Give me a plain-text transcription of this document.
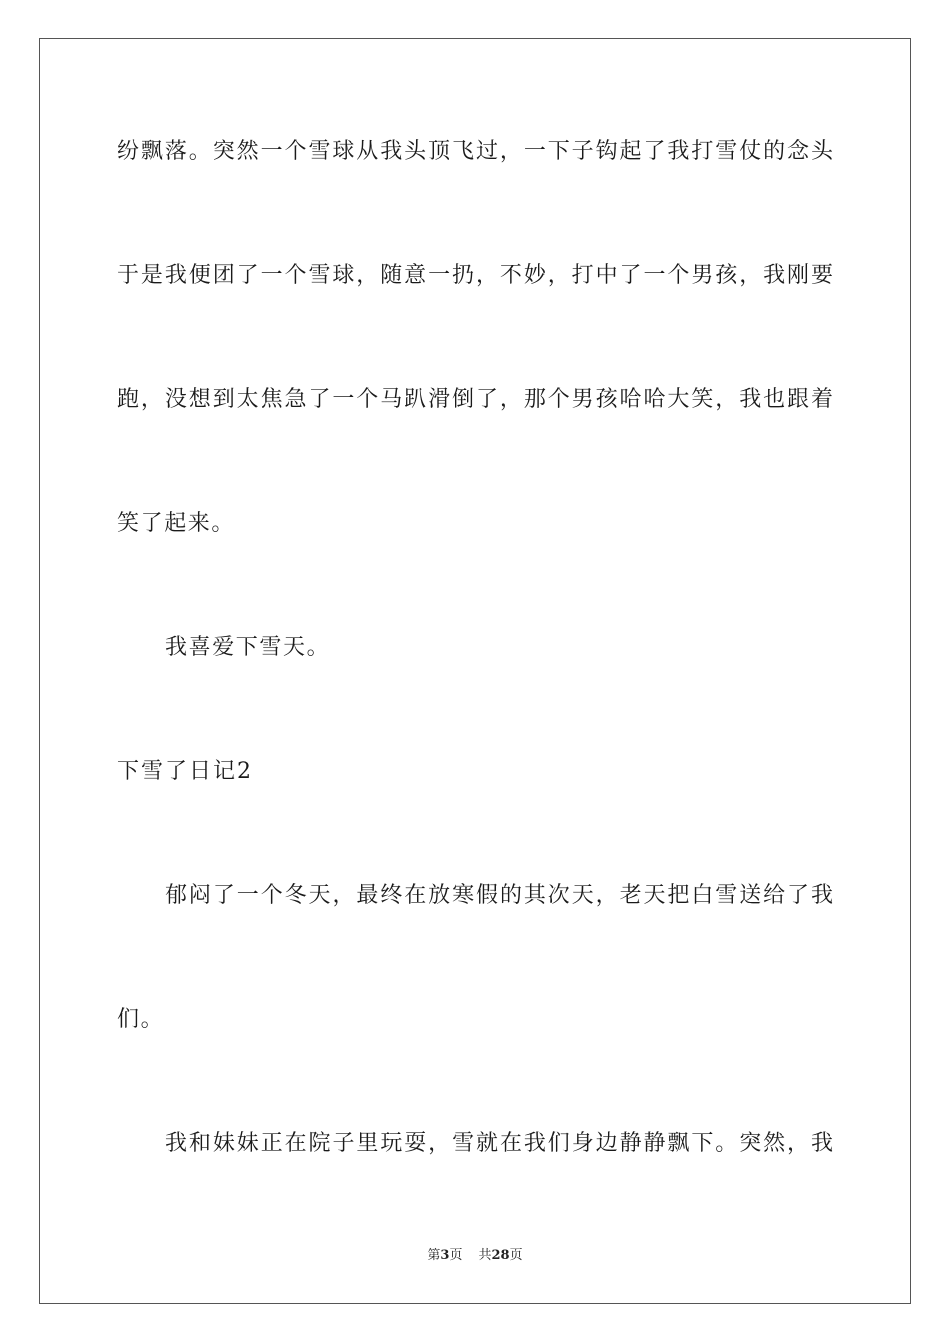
纷飘落。突然一个雪球从我头顶飞过，一下子钩起了我打雪仗的念头
于是我便团了一个雪球，随意一扔，不妙，打中了一个男孩，我刚要
跑，没想到太焦急了一个马趴滑倒了，那个男孩哈哈大笑，我也跟着
笑了起来。
我喜爱下雪天。
下雪了日记2
郁闷了一个冬天，最终在放寒假的其次天，老天把白雪送给了我
们。
我和妹妹正在院子里玩耍，雪就在我们身边静静飘下。突然，我
第3页 共28页
